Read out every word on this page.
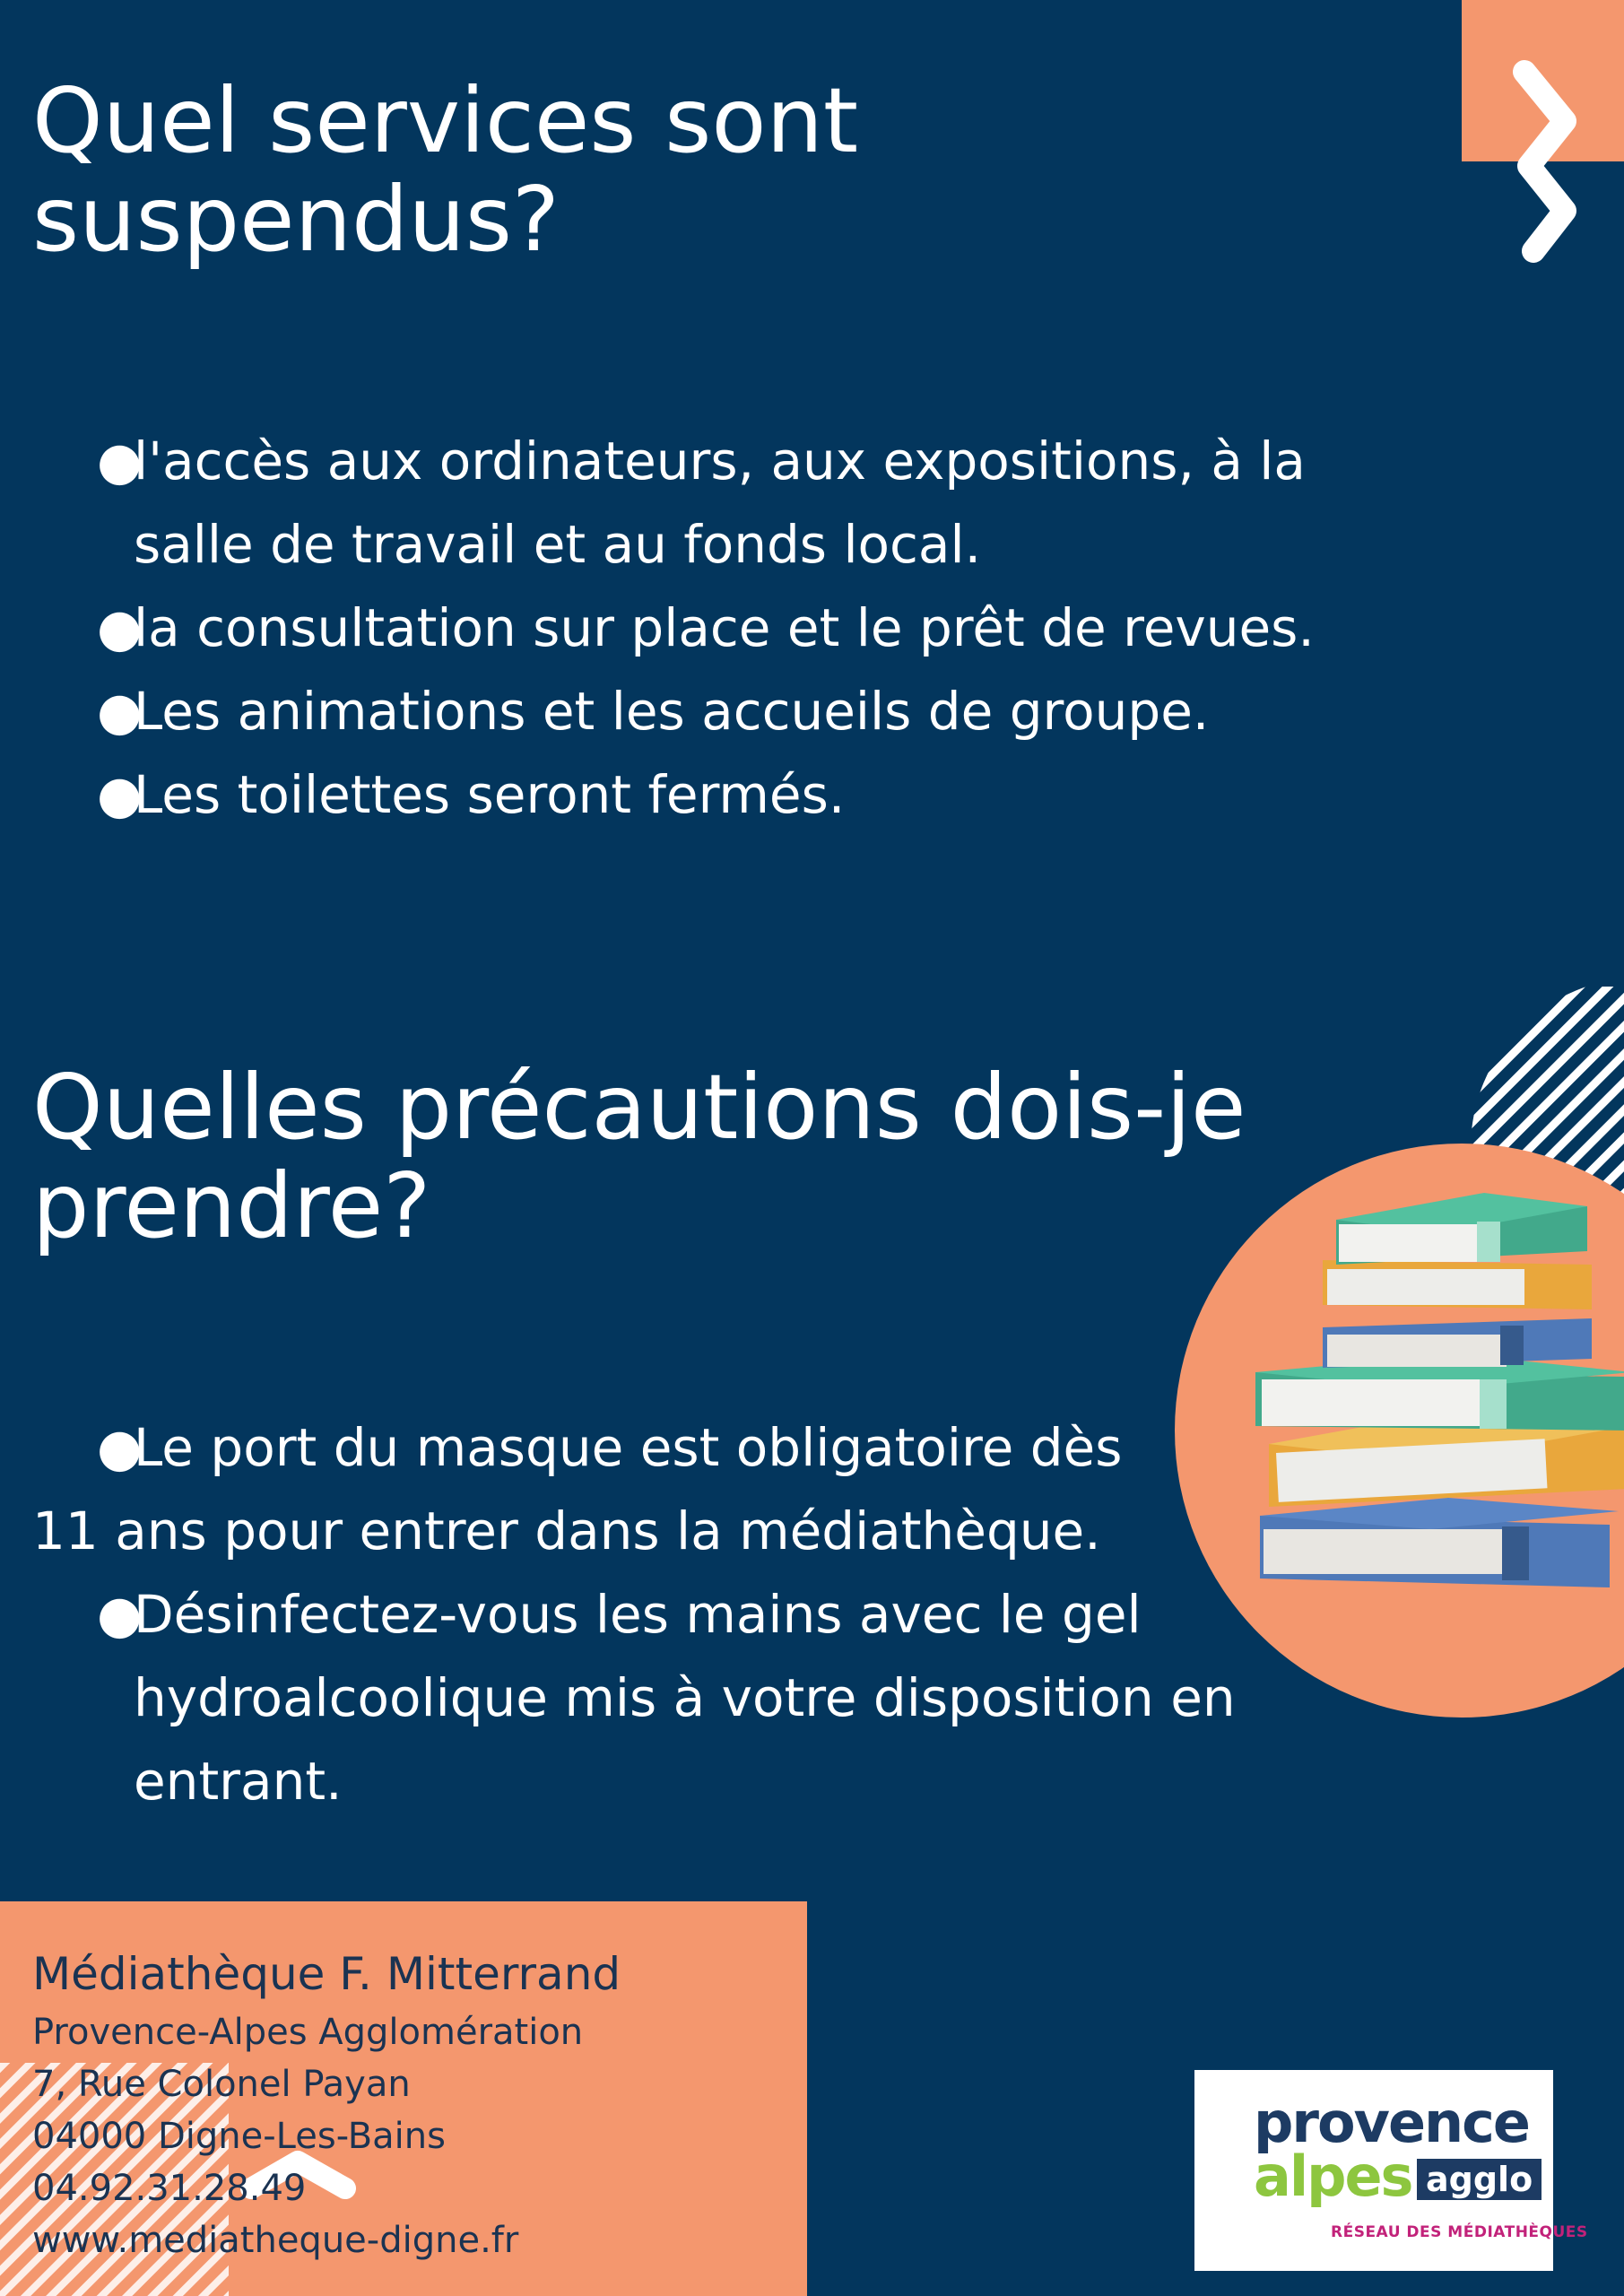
Quel services sont
suspendus?
●
l'accès aux ordinateurs, aux expositions, à la salle de travail et au fonds local.
●
la consultation sur place et le prêt de revues.
●
Les animations et les accueils de groupe.
●
Les toilettes seront fermés.
Quelles précautions dois-je
prendre?
●
Le port du masque est obligatoire dès
11 ans pour entrer dans la médiathèque.
●
Désinfectez-vous les mains avec le gel hydroalcoolique mis à votre disposition en entrant.
Médiathèque F. Mitterrand
Provence-Alpes Agglomération
7, Rue Colonel Payan
04000 Digne-Les-Bains
04.92.31.28.49
www.mediatheque-digne.fr
provence
alpes agglo
RÉSEAU DES MÉDIATHÈQUES
